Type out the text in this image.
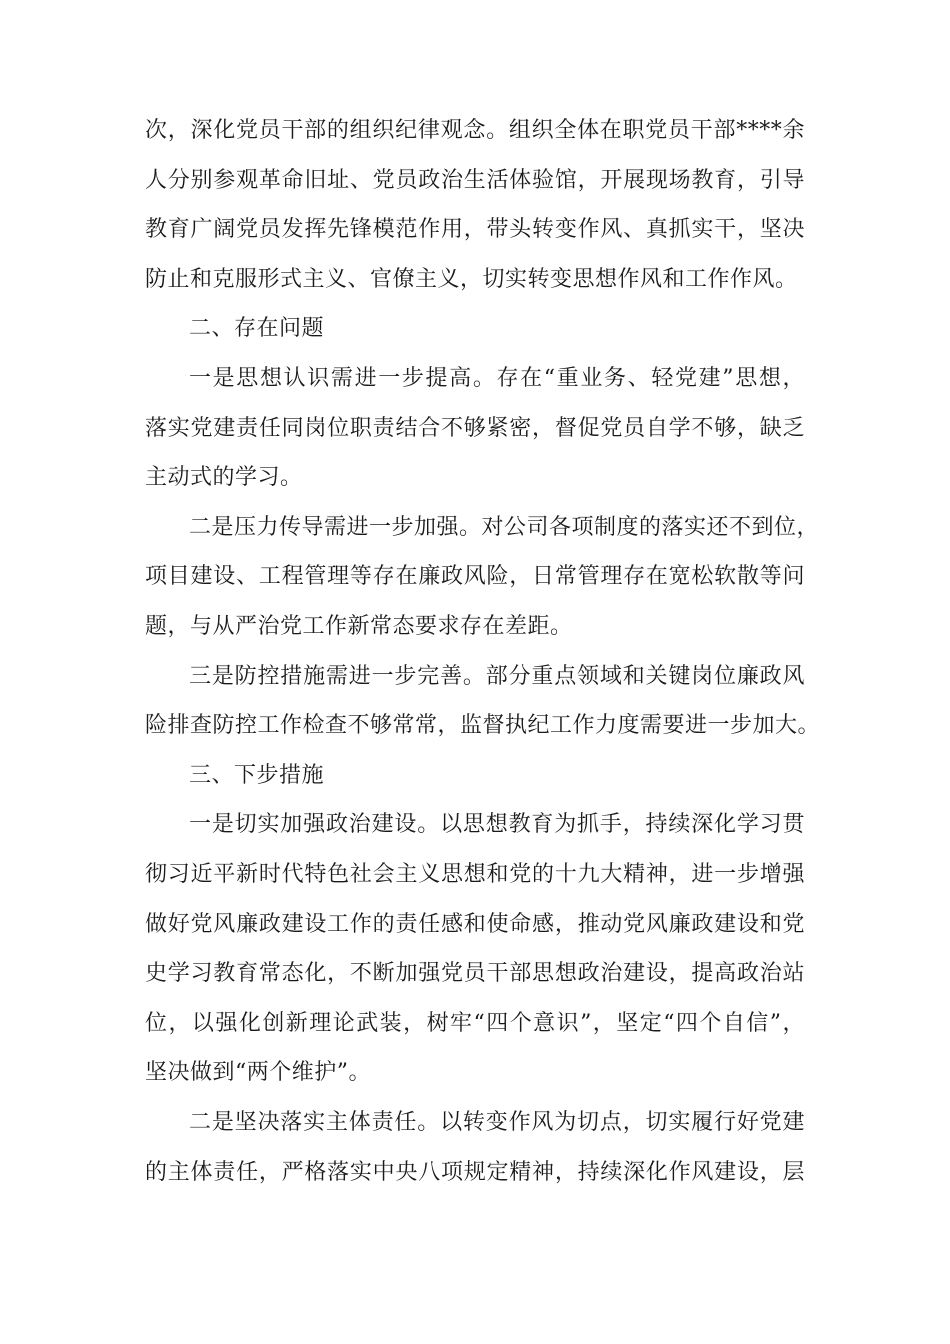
次，深化党员干部的组织纪律观念。组织全体在职党员干部****余
人分别参观革命旧址、党员政治生活体验馆，开展现场教育，引导
教育广阔党员发挥先锋模范作用，带头转变作风、真抓实干，坚决
防止和克服形式主义、官僚主义，切实转变思想作风和工作作风。
二、存在问题
一是思想认识需进一步提高。存在“重业务、轻党建”思想，
落实党建责任同岗位职责结合不够紧密，督促党员自学不够，缺乏
主动式的学习。
二是压力传导需进一步加强。对公司各项制度的落实还不到位，
项目建设、工程管理等存在廉政风险，日常管理存在宽松软散等问
题，与从严治党工作新常态要求存在差距。
三是防控措施需进一步完善。部分重点领域和关键岗位廉政风
险排查防控工作检查不够常常，监督执纪工作力度需要进一步加大。
三、下步措施
一是切实加强政治建设。以思想教育为抓手，持续深化学习贯
彻习近平新时代特色社会主义思想和党的十九大精神，进一步增强
做好党风廉政建设工作的责任感和使命感，推动党风廉政建设和党
史学习教育常态化，不断加强党员干部思想政治建设，提高政治站
位，以强化创新理论武装，树牢“四个意识”，坚定“四个自信”，
坚决做到“两个维护”。
二是坚决落实主体责任。以转变作风为切点，切实履行好党建
的主体责任，严格落实中央八项规定精神，持续深化作风建设，层
